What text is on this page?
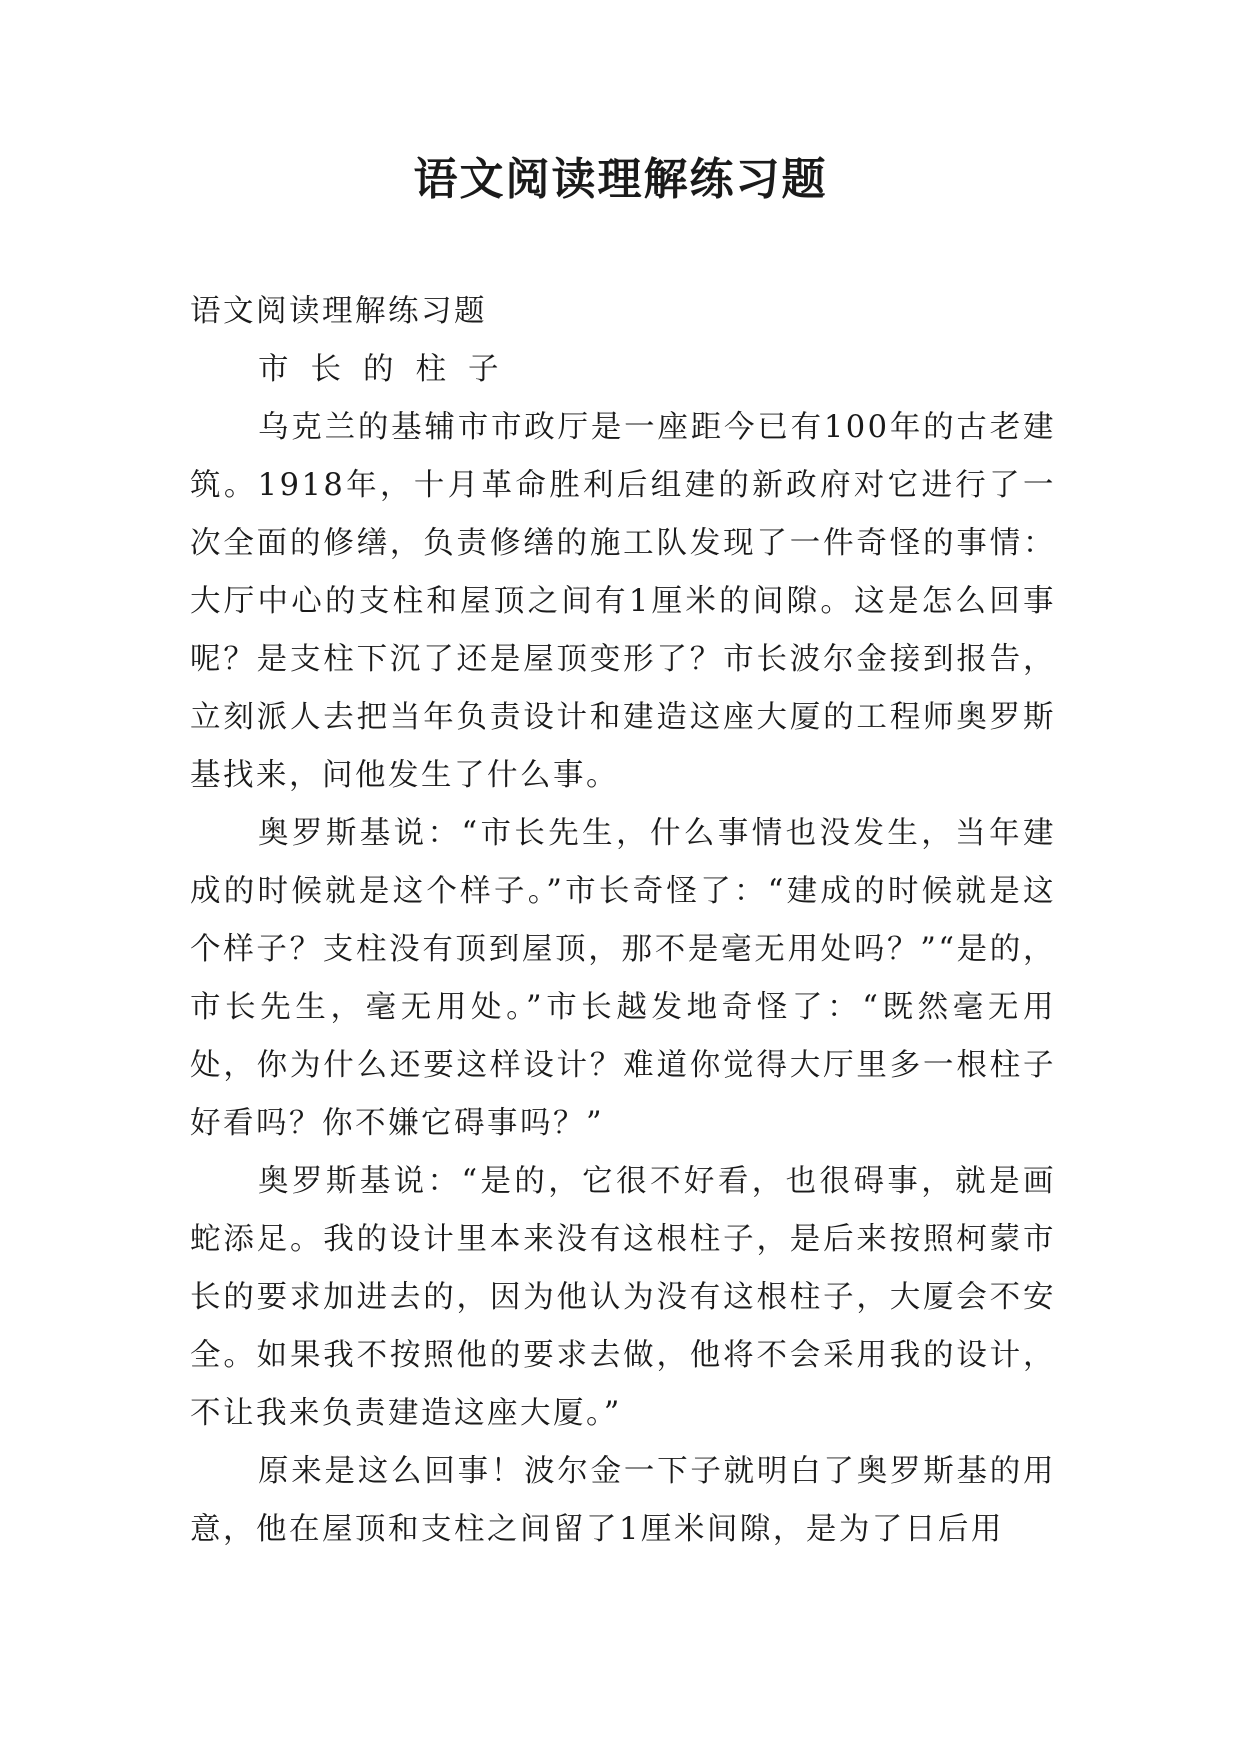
语文阅读理解练习题

语文阅读理解练习题

市长的柱子

乌克兰的基辅市市政厅是一座距今已有100年的古老建筑。1918年，十月革命胜利后组建的新政府对它进行了一次全面的修缮，负责修缮的施工队发现了一件奇怪的事情：大厅中心的支柱和屋顶之间有1厘米的间隙。这是怎么回事呢？是支柱下沉了还是屋顶变形了？市长波尔金接到报告，立刻派人去把当年负责设计和建造这座大厦的工程师奥罗斯基找来，问他发生了什么事。

奥罗斯基说：“市长先生，什么事情也没发生，当年建成的时候就是这个样子。”市长奇怪了：“建成的时候就是这个样子？支柱没有顶到屋顶，那不是毫无用处吗？”“是的，市长先生，毫无用处。”市长越发地奇怪了：“既然毫无用处，你为什么还要这样设计？难道你觉得大厅里多一根柱子好看吗？你不嫌它碍事吗？”

奥罗斯基说：“是的，它很不好看，也很碍事，就是画蛇添足。我的设计里本来没有这根柱子，是后来按照柯蒙市长的要求加进去的，因为他认为没有这根柱子，大厦会不安全。如果我不按照他的要求去做，他将不会采用我的设计，不让我来负责建造这座大厦。”

原来是这么回事！波尔金一下子就明白了奥罗斯基的用意，他在屋顶和支柱之间留了1厘米间隙，是为了日后用
